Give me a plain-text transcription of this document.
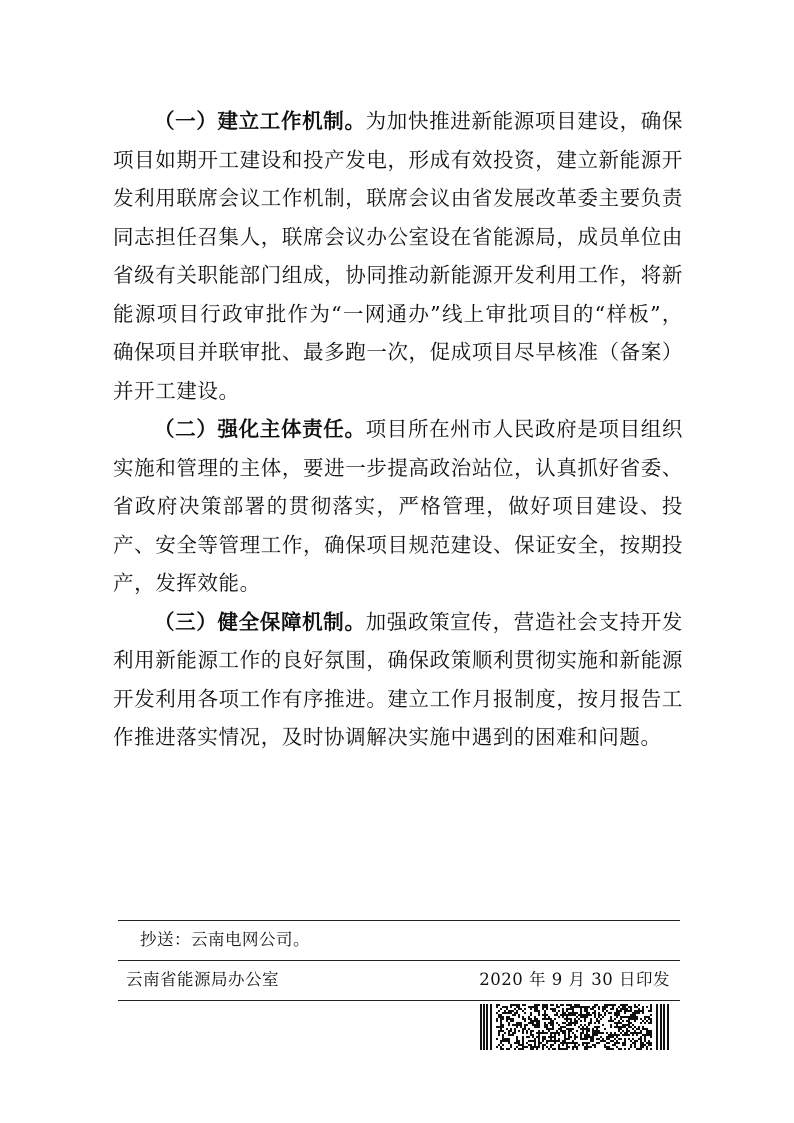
（一）建立工作机制。为加快推进新能源项目建设，确保项目如期开工建设和投产发电，形成有效投资，建立新能源开发利用联席会议工作机制，联席会议由省发展改革委主要负责同志担任召集人，联席会议办公室设在省能源局，成员单位由省级有关职能部门组成，协同推动新能源开发利用工作，将新能源项目行政审批作为“一网通办”线上审批项目的“样板”，确保项目并联审批、最多跑一次，促成项目尽早核准（备案）并开工建设。

（二）强化主体责任。项目所在州市人民政府是项目组织实施和管理的主体，要进一步提高政治站位，认真抓好省委、省政府决策部署的贯彻落实，严格管理，做好项目建设、投产、安全等管理工作，确保项目规范建设、保证安全，按期投产，发挥效能。

（三）健全保障机制。加强政策宣传，营造社会支持开发利用新能源工作的良好氛围，确保政策顺利贯彻实施和新能源开发利用各项工作有序推进。建立工作月报制度，按月报告工作推进落实情况，及时协调解决实施中遇到的困难和问题。

抄送：云南电网公司。
云南省能源局办公室	2020 年 9 月 30 日印发
